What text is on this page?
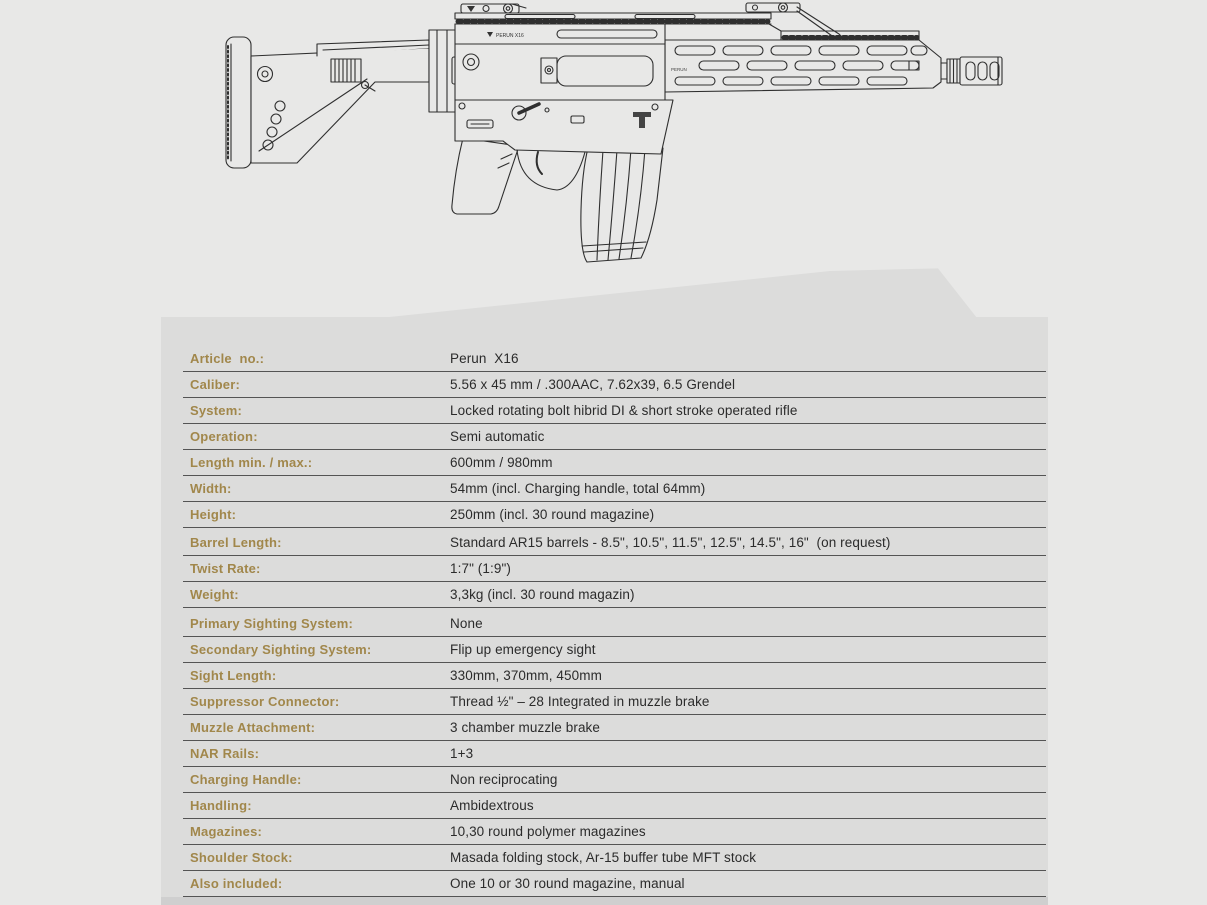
PERUN
PERUN X16
Article  no.:	Perun  X16
Caliber:	5.56 x 45 mm / .300AAC, 7.62x39, 6.5 Grendel
System:	Locked rotating bolt hibrid DI & short stroke operated rifle
Operation:	Semi automatic
Length min. / max.:	600mm / 980mm
Width:	54mm (incl. Charging handle, total 64mm)
Height:	250mm (incl. 30 round magazine)
Barrel Length:	Standard AR15 barrels - 8.5", 10.5", 11.5", 12.5", 14.5", 16"  (on request)
Twist Rate:	1:7" (1:9")
Weight:	3,3kg (incl. 30 round magazin)
Primary Sighting System:	None
Secondary Sighting System:	Flip up emergency sight
Sight Length:	330mm, 370mm, 450mm
Suppressor Connector:	Thread ½" – 28 Integrated in muzzle brake
Muzzle Attachment:	3 chamber muzzle brake
NAR Rails:	1+3
Charging Handle:	Non reciprocating
Handling:	Ambidextrous
Magazines:	10,30 round polymer magazines
Shoulder Stock:	Masada folding stock, Ar-15 buffer tube MFT stock
Also included:	One 10 or 30 round magazine, manual
